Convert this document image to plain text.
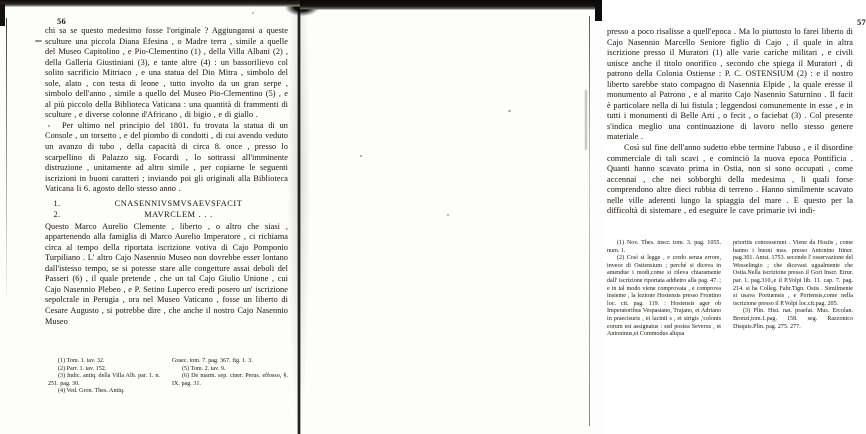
56

chi sa se questo medesimo fosse l'originale ? Aggiungansi a queste sculture una piccola Diana Efesina , o Madre terra , simile a quelle del Museo Capitolino , e Pio-Clementino (1) , della Villa Albani (2) , della Galleria Giustiniani (3), e tante altre (4) : un bassorilievo col solito sacrificio Mitriaco , e una statua del Dio Mitra , simbolo del sole, alato , con testa di leone , tutto involto da un gran serpe , simbolo dell'anno , simile a quello del Museo Pio-Clementino (5) , e al più piccolo della Biblioteca Vaticana : una quantità di frammenti di sculture , e diverse colonne d'Africano , di bigio , e di giallo .

Per ultimo nel principio del 1801. fu trovata la statua di un Console , un torsetto , e del piombo di condotti , di cui avendo veduto un avanzo di tubo , della capacità di circa 8. once , presso lo scarpellino di Palazzo sig. Focardi , lo sottrassi all'imminente distruzione , unitamente ad altro simile , per copiarne le seguenti iscrizioni in buoni caratteri ; inviando poi gli originali alla Biblioteca Vaticana li 6. agosto dello stesso anno .

1.	CNASENNIVSMVSAEVSFACIT
2.	MAVRCLEM . . .

Questo Marco Aurelio Clemente , liberto , o altro che siasi , appartenendo alla famiglia di Marco Aurelio Imperatore , ci richiama circa al tempo della riportata iscrizione votiva di Cajo Pomponio Turpiliano . L' altro Cajo Nasennio Museo non dovrebbe esser lontano dall'istesso tempo, se si potesse stare alle congetture assai deboli del Passeri (6) , il quale pretende , che un tal Cajo Giulio Unione , cui Cajo Nasennio Plebeo , e P. Setino Luperco eredi posero un' iscrizione sepolcrale in Perugia , ora nel Museo Vaticano , fosse un liberto di Cesare Augusto , si potrebbe dire , che anche il nostro Cajo Nasennio Museo

(1) Tom. 1. tav. 32.

(2) Parr. 1. tav. 152.

(3) Indic. antiq. della Villa Alb. par. 1. n. 251. pag. 30.

(4) Ved. Gron. Thes. Antiq.

Graec. tom. 7. pag. 367. fig. 1. 3.

(5) Tom. 2. tav. 9.

(6) De marm. sep. ciner. Perus. effosso, §. IX. pag. 31.

57

presso a poco risalisse a quell'epoca . Ma lo piuttosto lo farei liberto di Cajo Nasennio Marcello Seniore figlio di Cajo , il quale in altra iscrizione presso il Muratori (1) alle varie cariche militari , e civili unisce anche il titolo onorifico , secondo che spiega il Muratori , di patrono della Colonia Ostiense : P. C. OSTENSIUM (2) : e il nostro liberto sarebbe stato compagno di Nasennia Elpide , la quale eresse il monumento al Patrono , e al marito Cajo Nasennio Saturnino . Il facit è particolare nella di lui fistula ; leggendosi comunemente in esse , e in tutti i monumenti di Belle Arti , o fecit , o faciebat (3) . Col presente s'indica meglio una continuazione di lavoro nello stesso genere materiale .

Così sul fine dell'anno sudetto ebbe termine l'abuso , e il disordine commerciale di tali scavi , e cominciò la nuova epoca Pontificia . Quanti hanno scavato prima in Ostia, non si sono occupati , come accennai , che nei sobborghi della medesima , li quali forse comprendono altre dieci rubbia di terreno . Hanno similmente scavato nelle ville aderenti lungo la spiaggia del mare . E questo per la difficoltà di sistemare , ed eseguire le cave primarie ivi indi-

(1) Nov. Thes. inscr. tom. 3. pag. 1055. num. 1.

(2) Così si legge , e credo senza errore, invece di Ostiensium ; perché si diceva in amendue i modi,come si rileva chiaramente dall' iscrizione riportata addietro alla pag. 47. ; e in tal modo viene comprovata , e comprova insieme , la lezione Hostensis presso Frontino loc. cit. pag. 119. : Hostensis ager ob Imperatoribus Vespasiano, Trajano, et Adriano in praecisuris , et lacinii s , et strigis ,'colonis eorum est assignatus : sed postea Severus , et Antoninus,et Commodus aliqua

prioritis concesserunt . Viene da Hostis , come hanno i buoni mss. presso Antonino Itiner. pag.301. Amst. 1753. secondo l' osservazione del Wesselingio ; che dicevasi ugualmente che Ostia.Nella iscrizione presso il Gori Inscr. Etrur. par. 1. pag.310.,e il P.Volpi lib. 11. cap. 7. pag. 214. si ha Colleg. Fabr.Tign. Ostis . Similmente si usava Portuensis , e Portensis,come nella iscrizione presso il P.Volpi loc.cit.pag. 205.

(3) Plin. Hist. nat. praefat. Mus. Ercolan. Bronzi,tom.1.pag. 158. seg. Razzonico Disquis.Plin. pag. 275. 277.
